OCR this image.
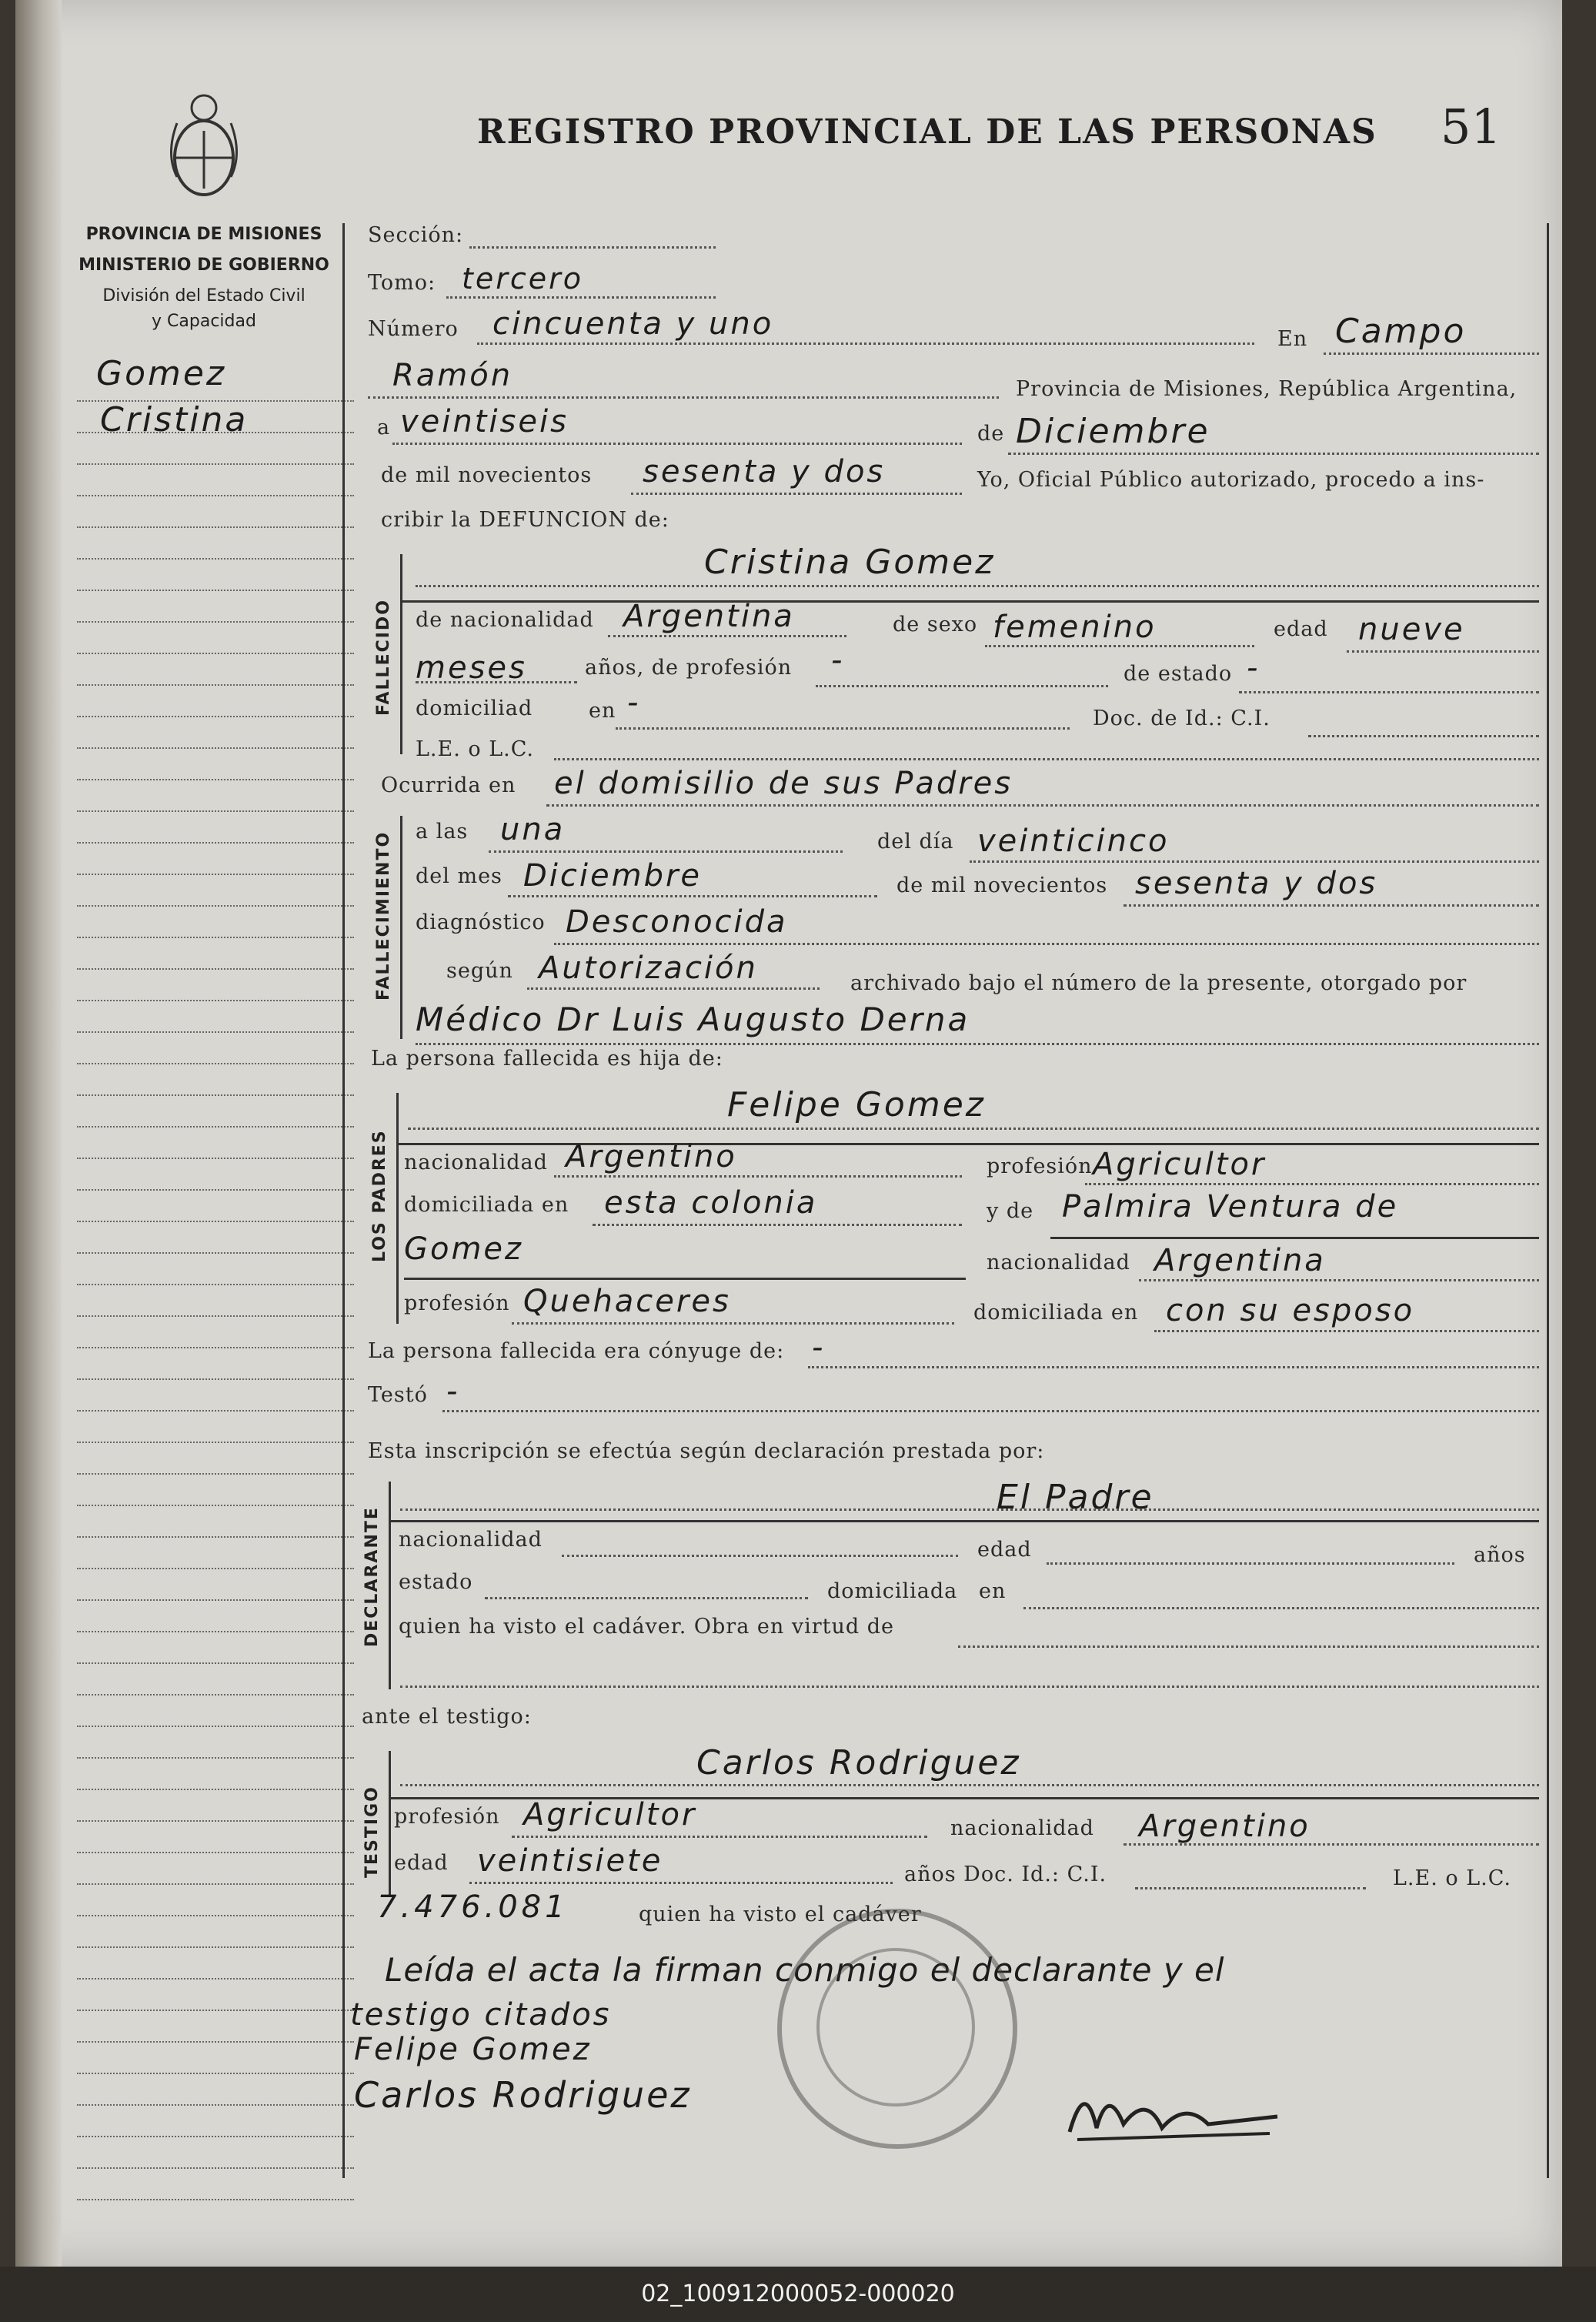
REGISTRO PROVINCIAL DE LAS PERSONAS 51
PROVINCIA DE MISIONES
MINISTERIO DE GOBIERNO
División del Estado Civil
y Capacidad
Gomez
Cristina
Sección:
Tomo: tercero
Número cincuenta y uno	En Campo
Ramón	Provincia de Misiones, República Argentina,
a veintiseis	de Diciembre
de mil novecientos sesenta y dos	Yo, Oficial Público autorizado, procedo a ins-
cribir la DEFUNCION de:
FALLECIDO
Cristina Gomez
de nacionalidad Argentina	de sexo femenino	edad nueve
meses	años, de profesión -	de estado -
domiciliad	en -	Doc. de Id.: C.I.
L.E. o L.C.
Ocurrida en el domisilio de sus Padres
FALLECIMIENTO a las una	del día veinticinco
del mes Diciembre	de mil novecientos sesenta y dos
diagnóstico Desconocida
según Autorización	archivado bajo el número de la presente, otorgado por
Médico Dr Luis Augusto Derna
La persona fallecida es hija de:
LOS PADRES
Felipe Gomez
nacionalidad Argentino	profesión Agricultor
domiciliada en esta colonia	y de Palmira Ventura de
Gomez	nacionalidad Argentina
profesión Quehaceres	domiciliada en con su esposo
La persona fallecida era cónyuge de: -
Testó -
Esta inscripción se efectúa según declaración prestada por:
DECLARANTE
El Padre
nacionalidad	edad	años
estado	domiciliada en
quien ha visto el cadáver. Obra en virtud de
ante el testigo:
TESTIGO
Carlos Rodriguez
profesión Agricultor	nacionalidad Argentino
edad veintisiete	años Doc. Id.: C.I.	L.E. o L.C.
7.476.081	quien ha visto el cadáver
Leída el acta la firman conmigo el declarante y el
testigo citados
Felipe Gomez
Carlos Rodriguez
02_100912000052-000020
